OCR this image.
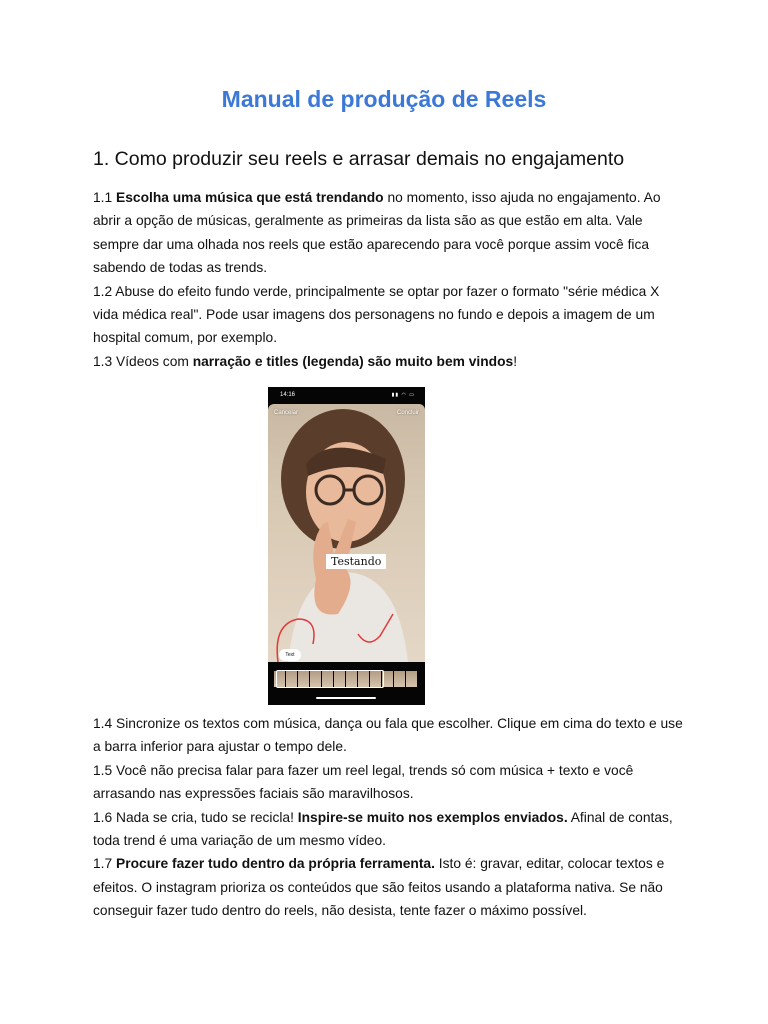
Manual de produção de Reels
1. Como produzir seu reels e arrasar demais no engajamento

1.1 Escolha uma música que está trendando no momento, isso ajuda no engajamento. Ao abrir a opção de músicas, geralmente as primeiras da lista são as que estão em alta. Vale sempre dar uma olhada nos reels que estão aparecendo para você porque assim você fica sabendo de todas as trends.
1.2 Abuse do efeito fundo verde, principalmente se optar por fazer o formato "série médica X vida médica real". Pode usar imagens dos personagens no fundo e depois a imagem de um hospital comum, por exemplo.
1.3 Vídeos com narração e titles (legenda) são muito bem vindos!

14:16	▮▮ ◠ ▭
Cancelar	Concluir
Testando
Text

1.4 Sincronize os textos com música, dança ou fala que escolher. Clique em cima do texto e use a barra inferior para ajustar o tempo dele.
1.5 Você não precisa falar para fazer um reel legal, trends só com música + texto e você arrasando nas expressões faciais são maravilhosos.
1.6 Nada se cria, tudo se recicla! Inspire-se muito nos exemplos enviados. Afinal de contas, toda trend é uma variação de um mesmo vídeo.
1.7 Procure fazer tudo dentro da própria ferramenta. Isto é: gravar, editar, colocar textos e efeitos. O instagram prioriza os conteúdos que são feitos usando a plataforma nativa. Se não conseguir fazer tudo dentro do reels, não desista, tente fazer o máximo possível.
